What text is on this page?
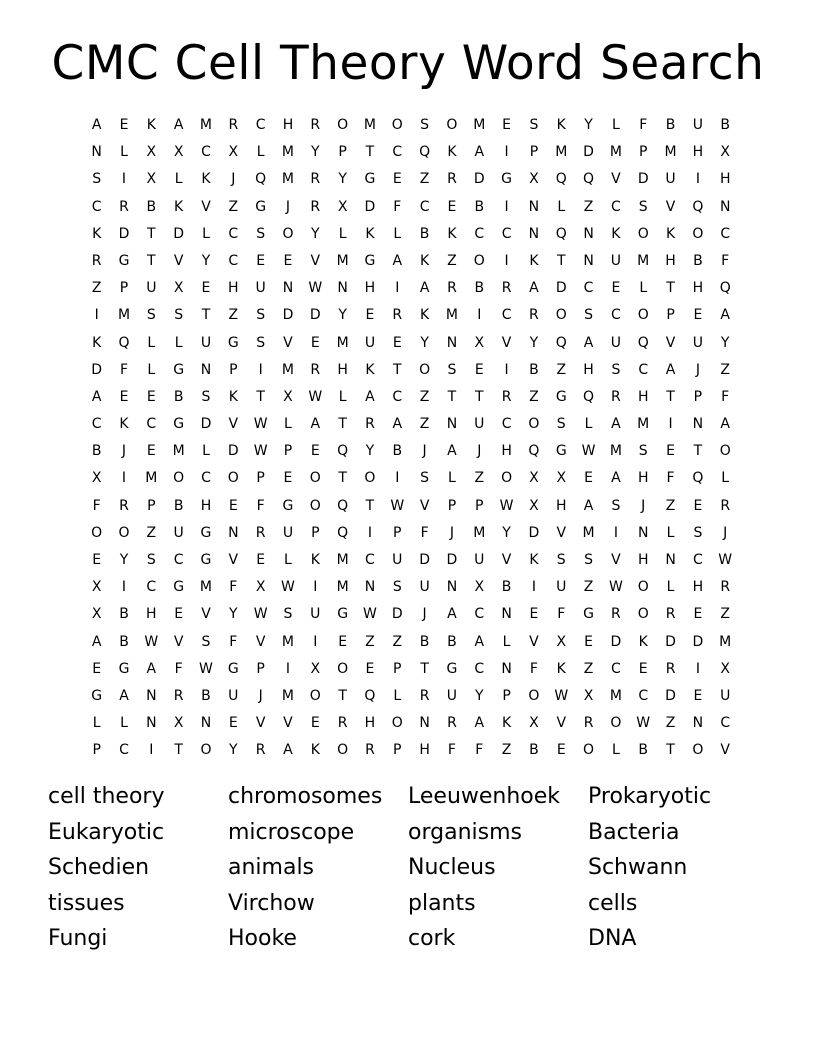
CMC Cell Theory Word Search
A	E	K	A	M	R	C	H	R	O	M	O	S	O	M	E	S	K	Y	L	F	B	U	B
N	L	X	X	C	X	L	M	Y	P	T	C	Q	K	A	I	P	M	D	M	P	M	H	X
S	I	X	L	K	J	Q	M	R	Y	G	E	Z	R	D	G	X	Q	Q	V	D	U	I	H
C	R	B	K	V	Z	G	J	R	X	D	F	C	E	B	I	N	L	Z	C	S	V	Q	N
K	D	T	D	L	C	S	O	Y	L	K	L	B	K	C	C	N	Q	N	K	O	K	O	C
R	G	T	V	Y	C	E	E	V	M	G	A	K	Z	O	I	K	T	N	U	M	H	B	F
Z	P	U	X	E	H	U	N	W	N	H	I	A	R	B	R	A	D	C	E	L	T	H	Q
I	M	S	S	T	Z	S	D	D	Y	E	R	K	M	I	C	R	O	S	C	O	P	E	A
K	Q	L	L	U	G	S	V	E	M	U	E	Y	N	X	V	Y	Q	A	U	Q	V	U	Y
D	F	L	G	N	P	I	M	R	H	K	T	O	S	E	I	B	Z	H	S	C	A	J	Z
A	E	E	B	S	K	T	X	W	L	A	C	Z	T	T	R	Z	G	Q	R	H	T	P	F
C	K	C	G	D	V	W	L	A	T	R	A	Z	N	U	C	O	S	L	A	M	I	N	A
B	J	E	M	L	D	W	P	E	Q	Y	B	J	A	J	H	Q	G	W	M	S	E	T	O
X	I	M	O	C	O	P	E	O	T	O	I	S	L	Z	O	X	X	E	A	H	F	Q	L
F	R	P	B	H	E	F	G	O	Q	T	W	V	P	P	W	X	H	A	S	J	Z	E	R
O	O	Z	U	G	N	R	U	P	Q	I	P	F	J	M	Y	D	V	M	I	N	L	S	J
E	Y	S	C	G	V	E	L	K	M	C	U	D	D	U	V	K	S	S	V	H	N	C	W
X	I	C	G	M	F	X	W	I	M	N	S	U	N	X	B	I	U	Z	W	O	L	H	R
X	B	H	E	V	Y	W	S	U	G	W	D	J	A	C	N	E	F	G	R	O	R	E	Z
A	B	W	V	S	F	V	M	I	E	Z	Z	B	B	A	L	V	X	E	D	K	D	D	M
E	G	A	F	W	G	P	I	X	O	E	P	T	G	C	N	F	K	Z	C	E	R	I	X
G	A	N	R	B	U	J	M	O	T	Q	L	R	U	Y	P	O	W	X	M	C	D	E	U
L	L	N	X	N	E	V	V	E	R	H	O	N	R	A	K	X	V	R	O	W	Z	N	C
P	C	I	T	O	Y	R	A	K	O	R	P	H	F	F	Z	B	E	O	L	B	T	O	V
cell theory	chromosomes	Leeuwenhoek	Prokaryotic
Eukaryotic	microscope	organisms	Bacteria
Schedien	animals	Nucleus	Schwann
tissues	Virchow	plants	cells
Fungi	Hooke	cork	DNA
